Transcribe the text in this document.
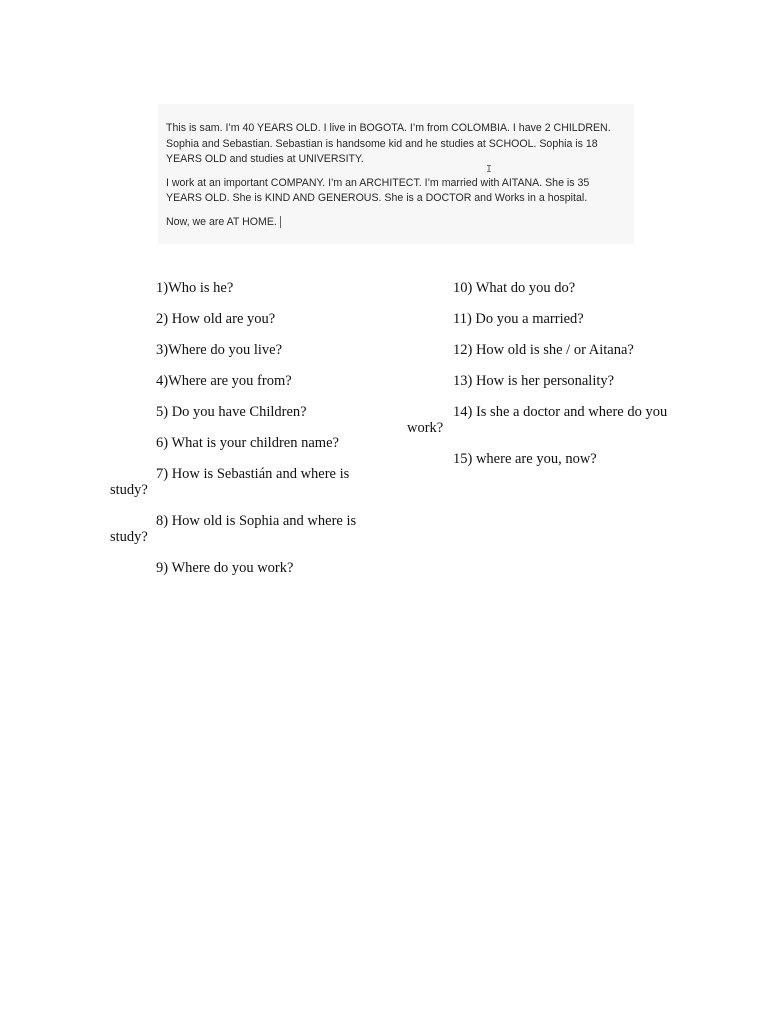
This is sam. I’m 40 YEARS OLD. I live in BOGOTA. I’m from COLOMBIA. I have 2 CHILDREN. Sophia and Sebastian. Sebastian is handsome kid and he studies at SCHOOL. Sophia is 18 YEARS OLD and studies at UNIVERSITY.

I work at an important COMPANY. I’m an ARCHITECT. I’m married with AITANA. She is 35 YEARS OLD. She is KIND AND GENEROUS. She is a DOCTOR and Works in a hospital.

Now, we are AT HOME.

I

1)Who is he?

2) How old are you?

3)Where do you live?

4)Where are you from?

5) Do you have Children?

6) What is your children name?

7) How is Sebastián and where is study?

8) How old is Sophia and where is study?

9) Where do you work?

10) What do you do?

11) Do you a married?

12) How old is she / or Aitana?

13) How is her personality?

14) Is she a doctor and where do you work?

15) where are you, now?
